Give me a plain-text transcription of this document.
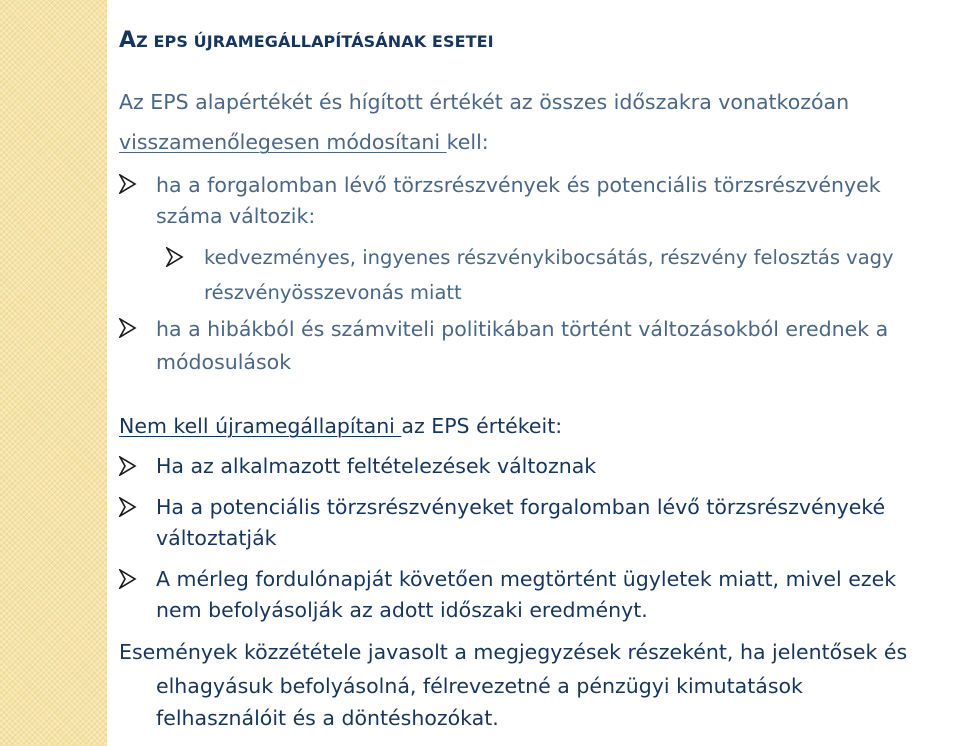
AZ EPS ÚJRAMEGÁLLAPÍTÁSÁNAK ESETEI
Az EPS alapértékét és hígított értékét az összes időszakra vonatkozóan
visszamenőlegesen módosítani kell:
ha a forgalomban lévő törzsrészvények és potenciális törzsrészvények
száma változik:
kedvezményes, ingyenes részvénykibocsátás, részvény felosztás vagy
részvényösszevonás miatt
ha a hibákból és számviteli politikában történt változásokból erednek a
módosulások
Nem kell újramegállapítani az EPS értékeit:
Ha az alkalmazott feltételezések változnak
Ha a potenciális törzsrészvényeket forgalomban lévő törzsrészvényeké
változtatják
A mérleg fordulónapját követően megtörtént ügyletek miatt, mivel ezek
nem befolyásolják az adott időszaki eredményt.
Események közzététele javasolt a megjegyzések részeként, ha jelentősek és
elhagyásuk befolyásolná, félrevezetné a pénzügyi kimutatások
felhasználóit és a döntéshozókat.
